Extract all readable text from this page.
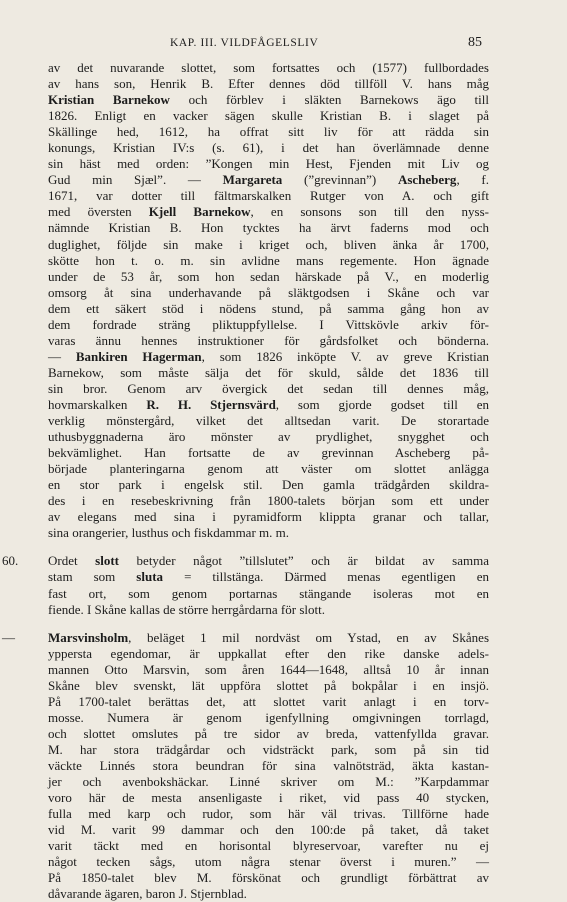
KAP. III. VILDFÅGELSLIV	85
av det nuvarande slottet, som fortsattes och (1577) fullbordades
av hans son, Henrik B. Efter dennes död tillföll V. hans måg
Kristian Barnekow och förblev i släkten Barnekows ägo till
1826. Enligt en vacker sägen skulle Kristian B. i slaget på
Skällinge hed, 1612, ha offrat sitt liv för att rädda sin
konungs, Kristian IV:s (s. 61), i det han överlämnade denne
sin häst med orden: ”Kongen min Hest, Fjenden mit Liv og
Gud min Sjæl”. — Margareta (”grevinnan”) Ascheberg, f.
1671, var dotter till fältmarskalken Rutger von A. och gift
med översten Kjell Barnekow, en sonsons son till den nyss-
nämnde Kristian B. Hon tycktes ha ärvt faderns mod och
duglighet, följde sin make i kriget och, bliven änka år 1700,
skötte hon t. o. m. sin avlidne mans regemente. Hon ägnade
under de 53 år, som hon sedan härskade på V., en moderlig
omsorg åt sina underhavande på släktgodsen i Skåne och var
dem ett säkert stöd i nödens stund, på samma gång hon av
dem fordrade sträng pliktuppfyllelse. I Vittskövle arkiv för-
varas ännu hennes instruktioner för gårdsfolket och bönderna.
— Bankiren Hagerman, som 1826 inköpte V. av greve Kristian
Barnekow, som måste sälja det för skuld, sålde det 1836 till
sin bror. Genom arv övergick det sedan till dennes måg,
hovmarskalken R. H. Stjernsvärd, som gjorde godset till en
verklig mönstergård, vilket det alltsedan varit. De storartade
uthusbyggnaderna äro mönster av prydlighet, snygghet och
bekvämlighet. Han fortsatte de av grevinnan Ascheberg på-
började planteringarna genom att väster om slottet anlägga
en stor park i engelsk stil. Den gamla trädgården skildra-
des i en resebeskrivning från 1800-talets början som ett under
av elegans med sina i pyramidform klippta granar och tallar,
sina orangerier, lusthus och fiskdammar m. m.
60.	Ordet slott betyder något ”tillslutet” och är bildat av samma
stam som sluta = tillstänga. Därmed menas egentligen en
fast ort, som genom portarnas stängande isoleras mot en
fiende. I Skåne kallas de större herrgårdarna för slott.
—	Marsvinsholm, beläget 1 mil nordväst om Ystad, en av Skånes
yppersta egendomar, är uppkallat efter den rike danske adels-
mannen Otto Marsvin, som åren 1644—1648, alltså 10 år innan
Skåne blev svenskt, lät uppföra slottet på bokpålar i en insjö.
På 1700-talet berättas det, att slottet varit anlagt i en torv-
mosse. Numera är genom igenfyllning omgivningen torrlagd,
och slottet omslutes på tre sidor av breda, vattenfyllda gravar.
M. har stora trädgårdar och vidsträckt park, som på sin tid
väckte Linnés stora beundran för sina valnötsträd, äkta kastan-
jer och avenbokshäckar. Linné skriver om M.: ”Karpdammar
voro här de mesta ansenligaste i riket, vid pass 40 stycken,
fulla med karp och rudor, som här väl trivas. Tillförne hade
vid M. varit 99 dammar och den 100:de på taket, då taket
varit täckt med en horisontal blyreservoar, varefter nu ej
något tecken sågs, utom några stenar överst i muren.” —
På 1850-talet blev M. förskönat och grundligt förbättrat av
dåvarande ägaren, baron J. Stjernblad.
